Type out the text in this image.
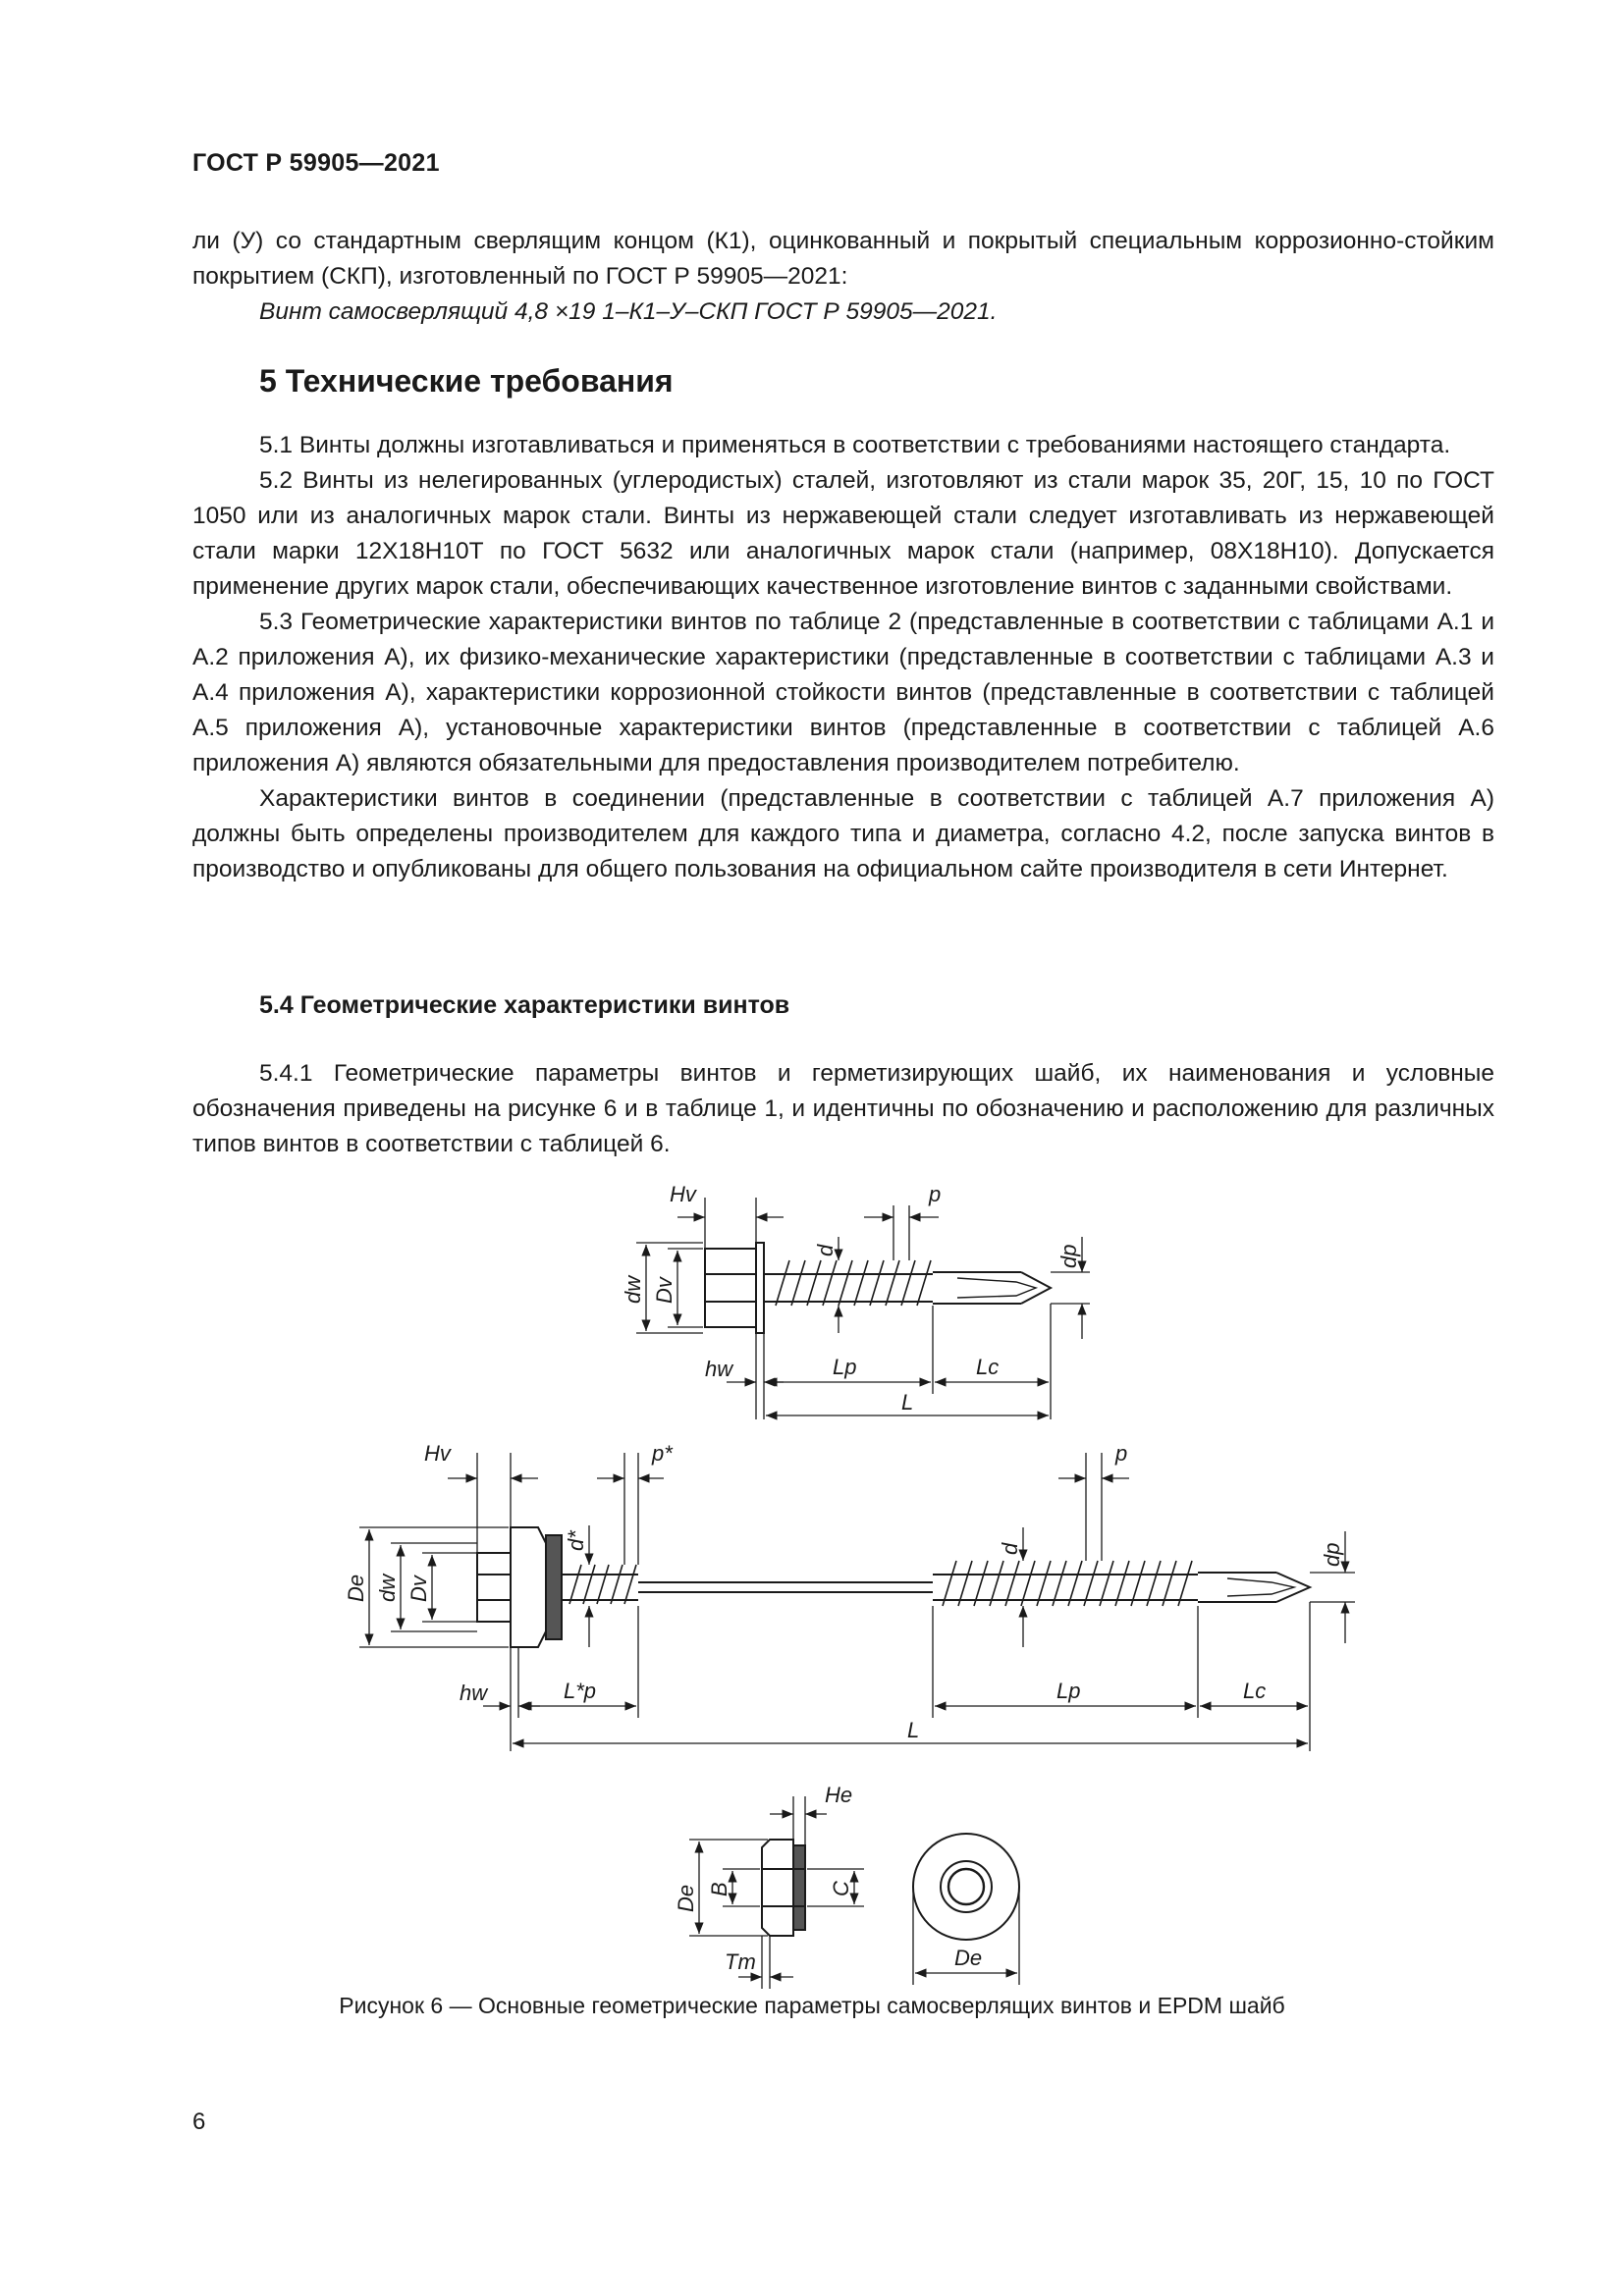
ГОСТ Р 59905—2021

ли (У) со стандартным сверлящим концом (К1), оцинкованный и покрытый специальным коррозионно-стойким покрытием (СКП), изготовленный по ГОСТ Р 59905—2021:

Винт самосверлящий 4,8 ×19 1–К1–У–СКП ГОСТ Р 59905—2021.

5 Технические требования

5.1 Винты должны изготавливаться и применяться в соответствии с требованиями настоящего стандарта.

5.2 Винты из нелегированных (углеродистых) сталей, изготовляют из стали марок 35, 20Г, 15, 10 по ГОСТ 1050 или из аналогичных марок стали. Винты из нержавеющей стали следует изготавливать из нержавеющей стали марки 12Х18Н10Т по ГОСТ 5632 или аналогичных марок стали (например, 08Х18Н10). Допускается применение других марок стали, обеспечивающих качественное изготовление винтов с заданными свойствами.

5.3 Геометрические характеристики винтов по таблице 2 (представленные в соответствии с таблицами А.1 и А.2 приложения А), их физико-механические характеристики (представленные в соответствии с таблицами А.3 и А.4 приложения А), характеристики коррозионной стойкости винтов (представленные в соответствии с таблицей А.5 приложения А), установочные характеристики винтов (представленные в соответствии с таблицей А.6 приложения А) являются обязательными для предоставления производителем потребителю.

Характеристики винтов в соединении (представленные в соответствии с таблицей А.7 приложения А) должны быть определены производителем для каждого типа и диаметра, согласно 4.2, после запуска винтов в производство и опубликованы для общего пользования на официальном сайте производителя в сети Интернет.

5.4 Геометрические характеристики винтов

5.4.1 Геометрические параметры винтов и герметизирующих шайб, их наименования и условные обозначения приведены на рисунке 6 и в таблице 1, и идентичны по обозначению и расположению для различных типов винтов в соответствии с таблицей 6.

Hv	p
d	dp
dw Dv
hw	Lp	Lc
L
Hv	p*	p
d*	d	dp
De dw Dv
hw	L*p	Lp	Lc
L
He
De B	C
Tm	De
Рисунок 6 — Основные геометрические параметры самосверлящих винтов и EPDM шайб
6
